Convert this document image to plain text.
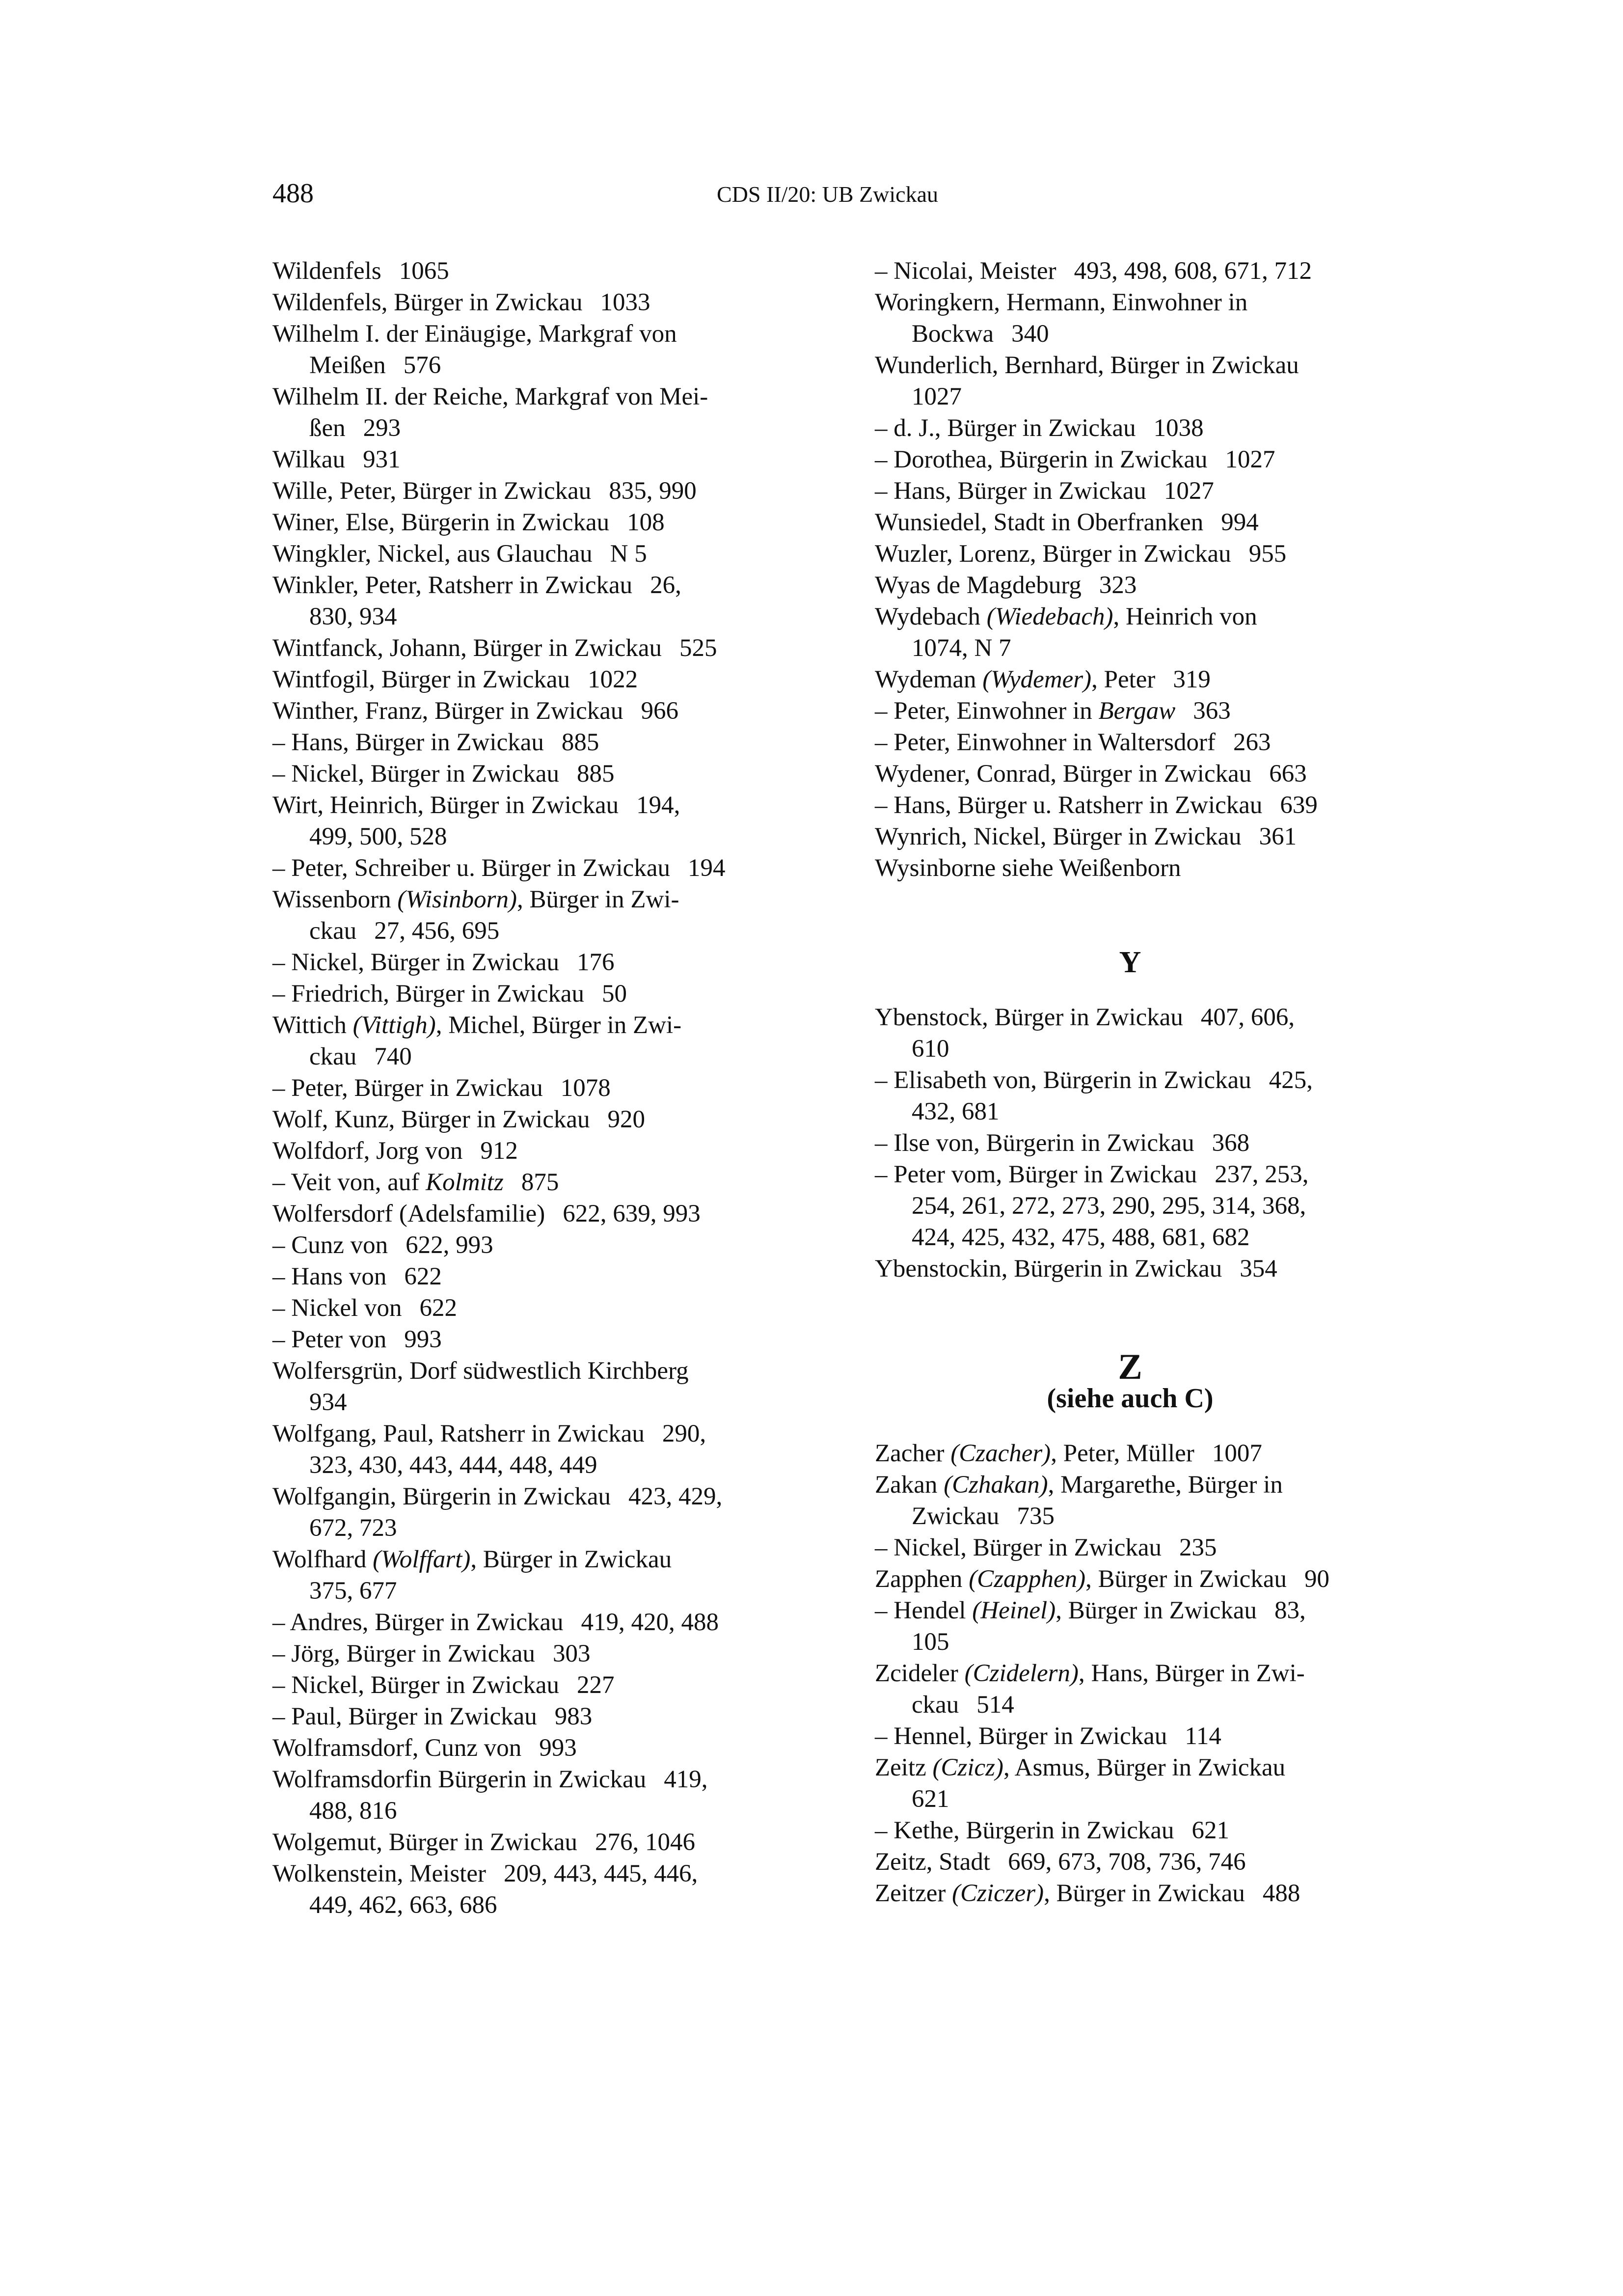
488	CDS II/20: UB Zwickau
Wildenfels 1065
Wildenfels, Bürger in Zwickau 1033
Wilhelm I. der Einäugige, Markgraf von
Meißen 576
Wilhelm II. der Reiche, Markgraf von Mei-
ßen 293
Wilkau 931
Wille, Peter, Bürger in Zwickau 835, 990
Winer, Else, Bürgerin in Zwickau 108
Wingkler, Nickel, aus Glauchau N 5
Winkler, Peter, Ratsherr in Zwickau 26,
830, 934
Wintfanck, Johann, Bürger in Zwickau 525
Wintfogil, Bürger in Zwickau 1022
Winther, Franz, Bürger in Zwickau 966
– Hans, Bürger in Zwickau 885
– Nickel, Bürger in Zwickau 885
Wirt, Heinrich, Bürger in Zwickau 194,
499, 500, 528
– Peter, Schreiber u. Bürger in Zwickau 194
Wissenborn (Wisinborn), Bürger in Zwi-
ckau 27, 456, 695
– Nickel, Bürger in Zwickau 176
– Friedrich, Bürger in Zwickau 50
Wittich (Vittigh), Michel, Bürger in Zwi-
ckau 740
– Peter, Bürger in Zwickau 1078
Wolf, Kunz, Bürger in Zwickau 920
Wolfdorf, Jorg von 912
– Veit von, auf Kolmitz 875
Wolfersdorf (Adelsfamilie) 622, 639, 993
– Cunz von 622, 993
– Hans von 622
– Nickel von 622
– Peter von 993
Wolfersgrün, Dorf südwestlich Kirchberg
934
Wolfgang, Paul, Ratsherr in Zwickau 290,
323, 430, 443, 444, 448, 449
Wolfgangin, Bürgerin in Zwickau 423, 429,
672, 723
Wolfhard (Wolffart), Bürger in Zwickau
375, 677
– Andres, Bürger in Zwickau 419, 420, 488
– Jörg, Bürger in Zwickau 303
– Nickel, Bürger in Zwickau 227
– Paul, Bürger in Zwickau 983
Wolframsdorf, Cunz von 993
Wolframsdorfin Bürgerin in Zwickau 419,
488, 816
Wolgemut, Bürger in Zwickau 276, 1046
Wolkenstein, Meister 209, 443, 445, 446,
449, 462, 663, 686
– Nicolai, Meister 493, 498, 608, 671, 712
Woringkern, Hermann, Einwohner in
Bockwa 340
Wunderlich, Bernhard, Bürger in Zwickau
1027
– d. J., Bürger in Zwickau 1038
– Dorothea, Bürgerin in Zwickau 1027
– Hans, Bürger in Zwickau 1027
Wunsiedel, Stadt in Oberfranken 994
Wuzler, Lorenz, Bürger in Zwickau 955
Wyas de Magdeburg 323
Wydebach (Wiedebach), Heinrich von
1074, N 7
Wydeman (Wydemer), Peter 319
– Peter, Einwohner in Bergaw 363
– Peter, Einwohner in Waltersdorf 263
Wydener, Conrad, Bürger in Zwickau 663
– Hans, Bürger u. Ratsherr in Zwickau 639
Wynrich, Nickel, Bürger in Zwickau 361
Wysinborne siehe Weißenborn
Y
Ybenstock, Bürger in Zwickau 407, 606,
610
– Elisabeth von, Bürgerin in Zwickau 425,
432, 681
– Ilse von, Bürgerin in Zwickau 368
– Peter vom, Bürger in Zwickau 237, 253,
254, 261, 272, 273, 290, 295, 314, 368,
424, 425, 432, 475, 488, 681, 682
Ybenstockin, Bürgerin in Zwickau 354
Z
(siehe auch C)
Zacher (Czacher), Peter, Müller 1007
Zakan (Czhakan), Margarethe, Bürger in
Zwickau 735
– Nickel, Bürger in Zwickau 235
Zapphen (Czapphen), Bürger in Zwickau 90
– Hendel (Heinel), Bürger in Zwickau 83,
105
Zcideler (Czidelern), Hans, Bürger in Zwi-
ckau 514
– Hennel, Bürger in Zwickau 114
Zeitz (Czicz), Asmus, Bürger in Zwickau
621
– Kethe, Bürgerin in Zwickau 621
Zeitz, Stadt 669, 673, 708, 736, 746
Zeitzer (Cziczer), Bürger in Zwickau 488
